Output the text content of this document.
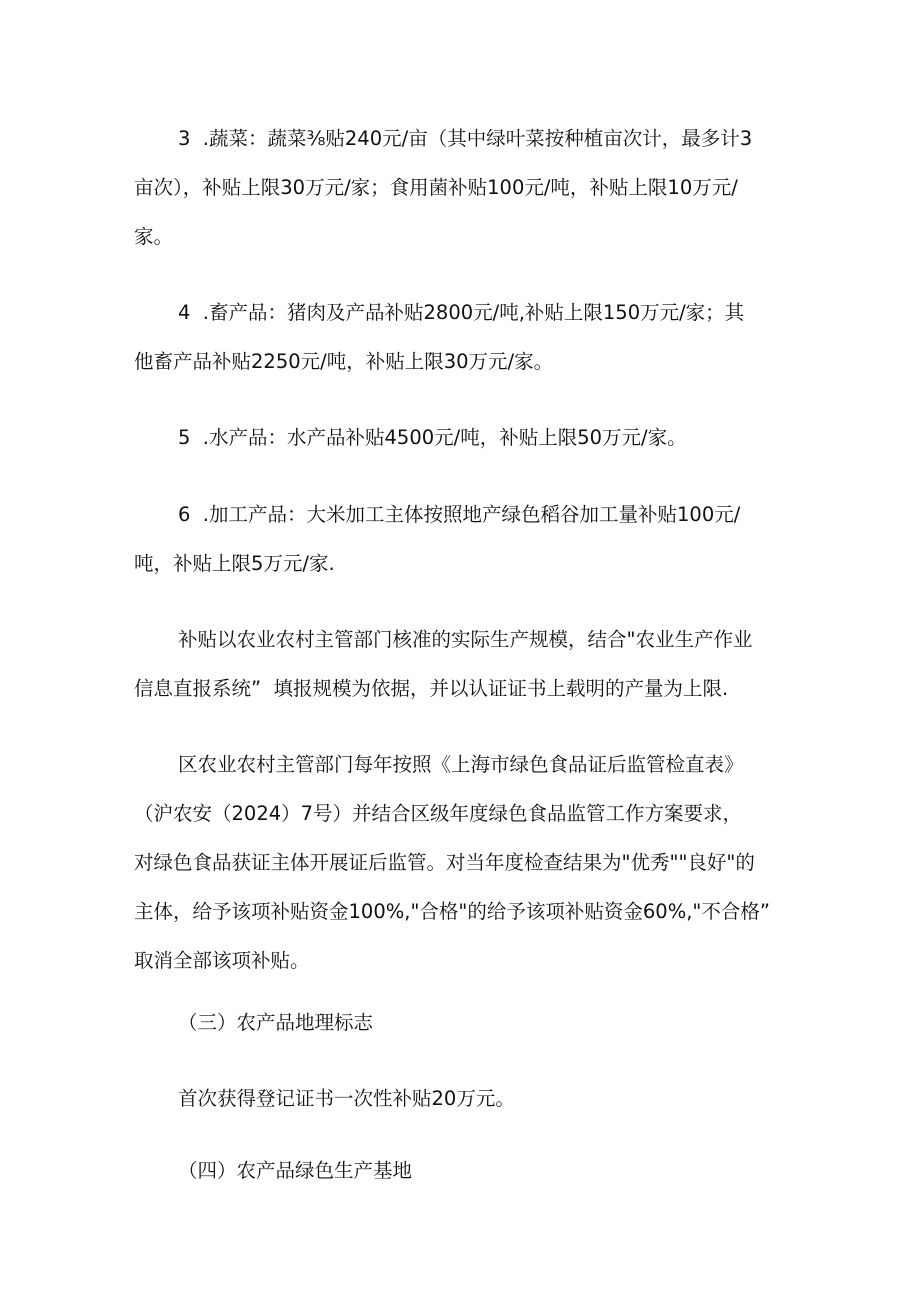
3  .蔬菜：蔬菜⅜贴240元/亩（其中绿叶菜按种植亩次计，最多计3
亩次），补贴上限30万元/家；食用菌补贴100元/吨，补贴上限10万元/
家。
4  .畜产品：猪肉及产品补贴2800元/吨,补贴上限150万元/家；其
他畜产品补贴2250元/吨，补贴上限30万元/家。
5  .水产品：水产品补贴4500元/吨，补贴上限50万元/家。
6  .加工产品：大米加工主体按照地产绿色稻谷加工量补贴100元/
吨，补贴上限5万元/家.
补贴以农业农村主管部门核准的实际生产规模，结合"农业生产作业
信息直报系统”  填报规模为依据，并以认证证书上载明的产量为上限.
区农业农村主管部门每年按照《上海市绿色食品证后监管检直表》
（沪农安（2024）7号）并结合区级年度绿色食品监管工作方案要求，
对绿色食品获证主体开展证后监管。对当年度检查结果为"优秀""良好"的
主体，给予该项补贴资金100%,"合格"的给予该项补贴资金60%,"不合格”
取消全部该项补贴。
（三）农产品地理标志
首次获得登记证书一次性补贴20万元。
（四）农产品绿色生产基地
